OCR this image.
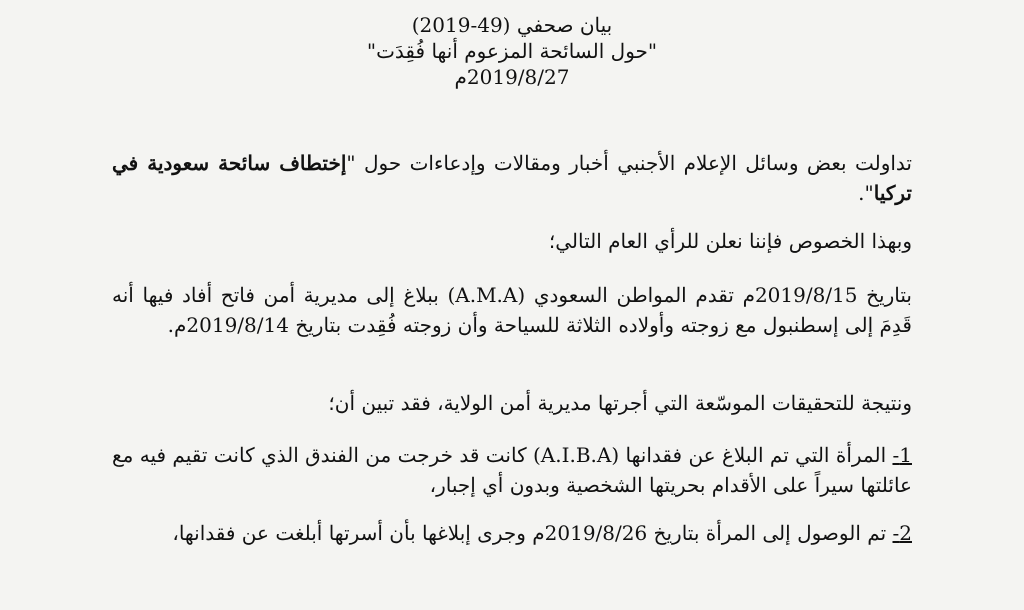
بيان صحفي (49-2019)
"حول السائحة المزعوم أنها فُقِدَت"
2019/8/27م
تداولت بعض وسائل الإعلام الأجنبي أخبار ومقالات وإدعاءات حول "إختطاف سائحة سعودية في تركيا".
وبهذا الخصوص فإننا نعلن للرأي العام التالي؛
بتاريخ 2019/8/15م تقدم المواطن السعودي (A.M.A) ببلاغ إلى مديرية أمن فاتح أفاد فيها أنه قَدِمَ إلى إسطنبول مع زوجته وأولاده الثلاثة للسياحة وأن زوجته فُقِدت بتاريخ 2019/8/14م.
ونتيجة للتحقيقات الموسّعة التي أجرتها مديرية أمن الولاية، فقد تبين أن؛
1- المرأة التي تم البلاغ عن فقدانها (A.I.B.A) كانت قد خرجت من الفندق الذي كانت تقيم فيه مع عائلتها سيراً على الأقدام بحريتها الشخصية وبدون أي إجبار،
2- تم الوصول إلى المرأة بتاريخ 2019/8/26م وجرى إبلاغها بأن أسرتها أبلغت عن فقدانها،
